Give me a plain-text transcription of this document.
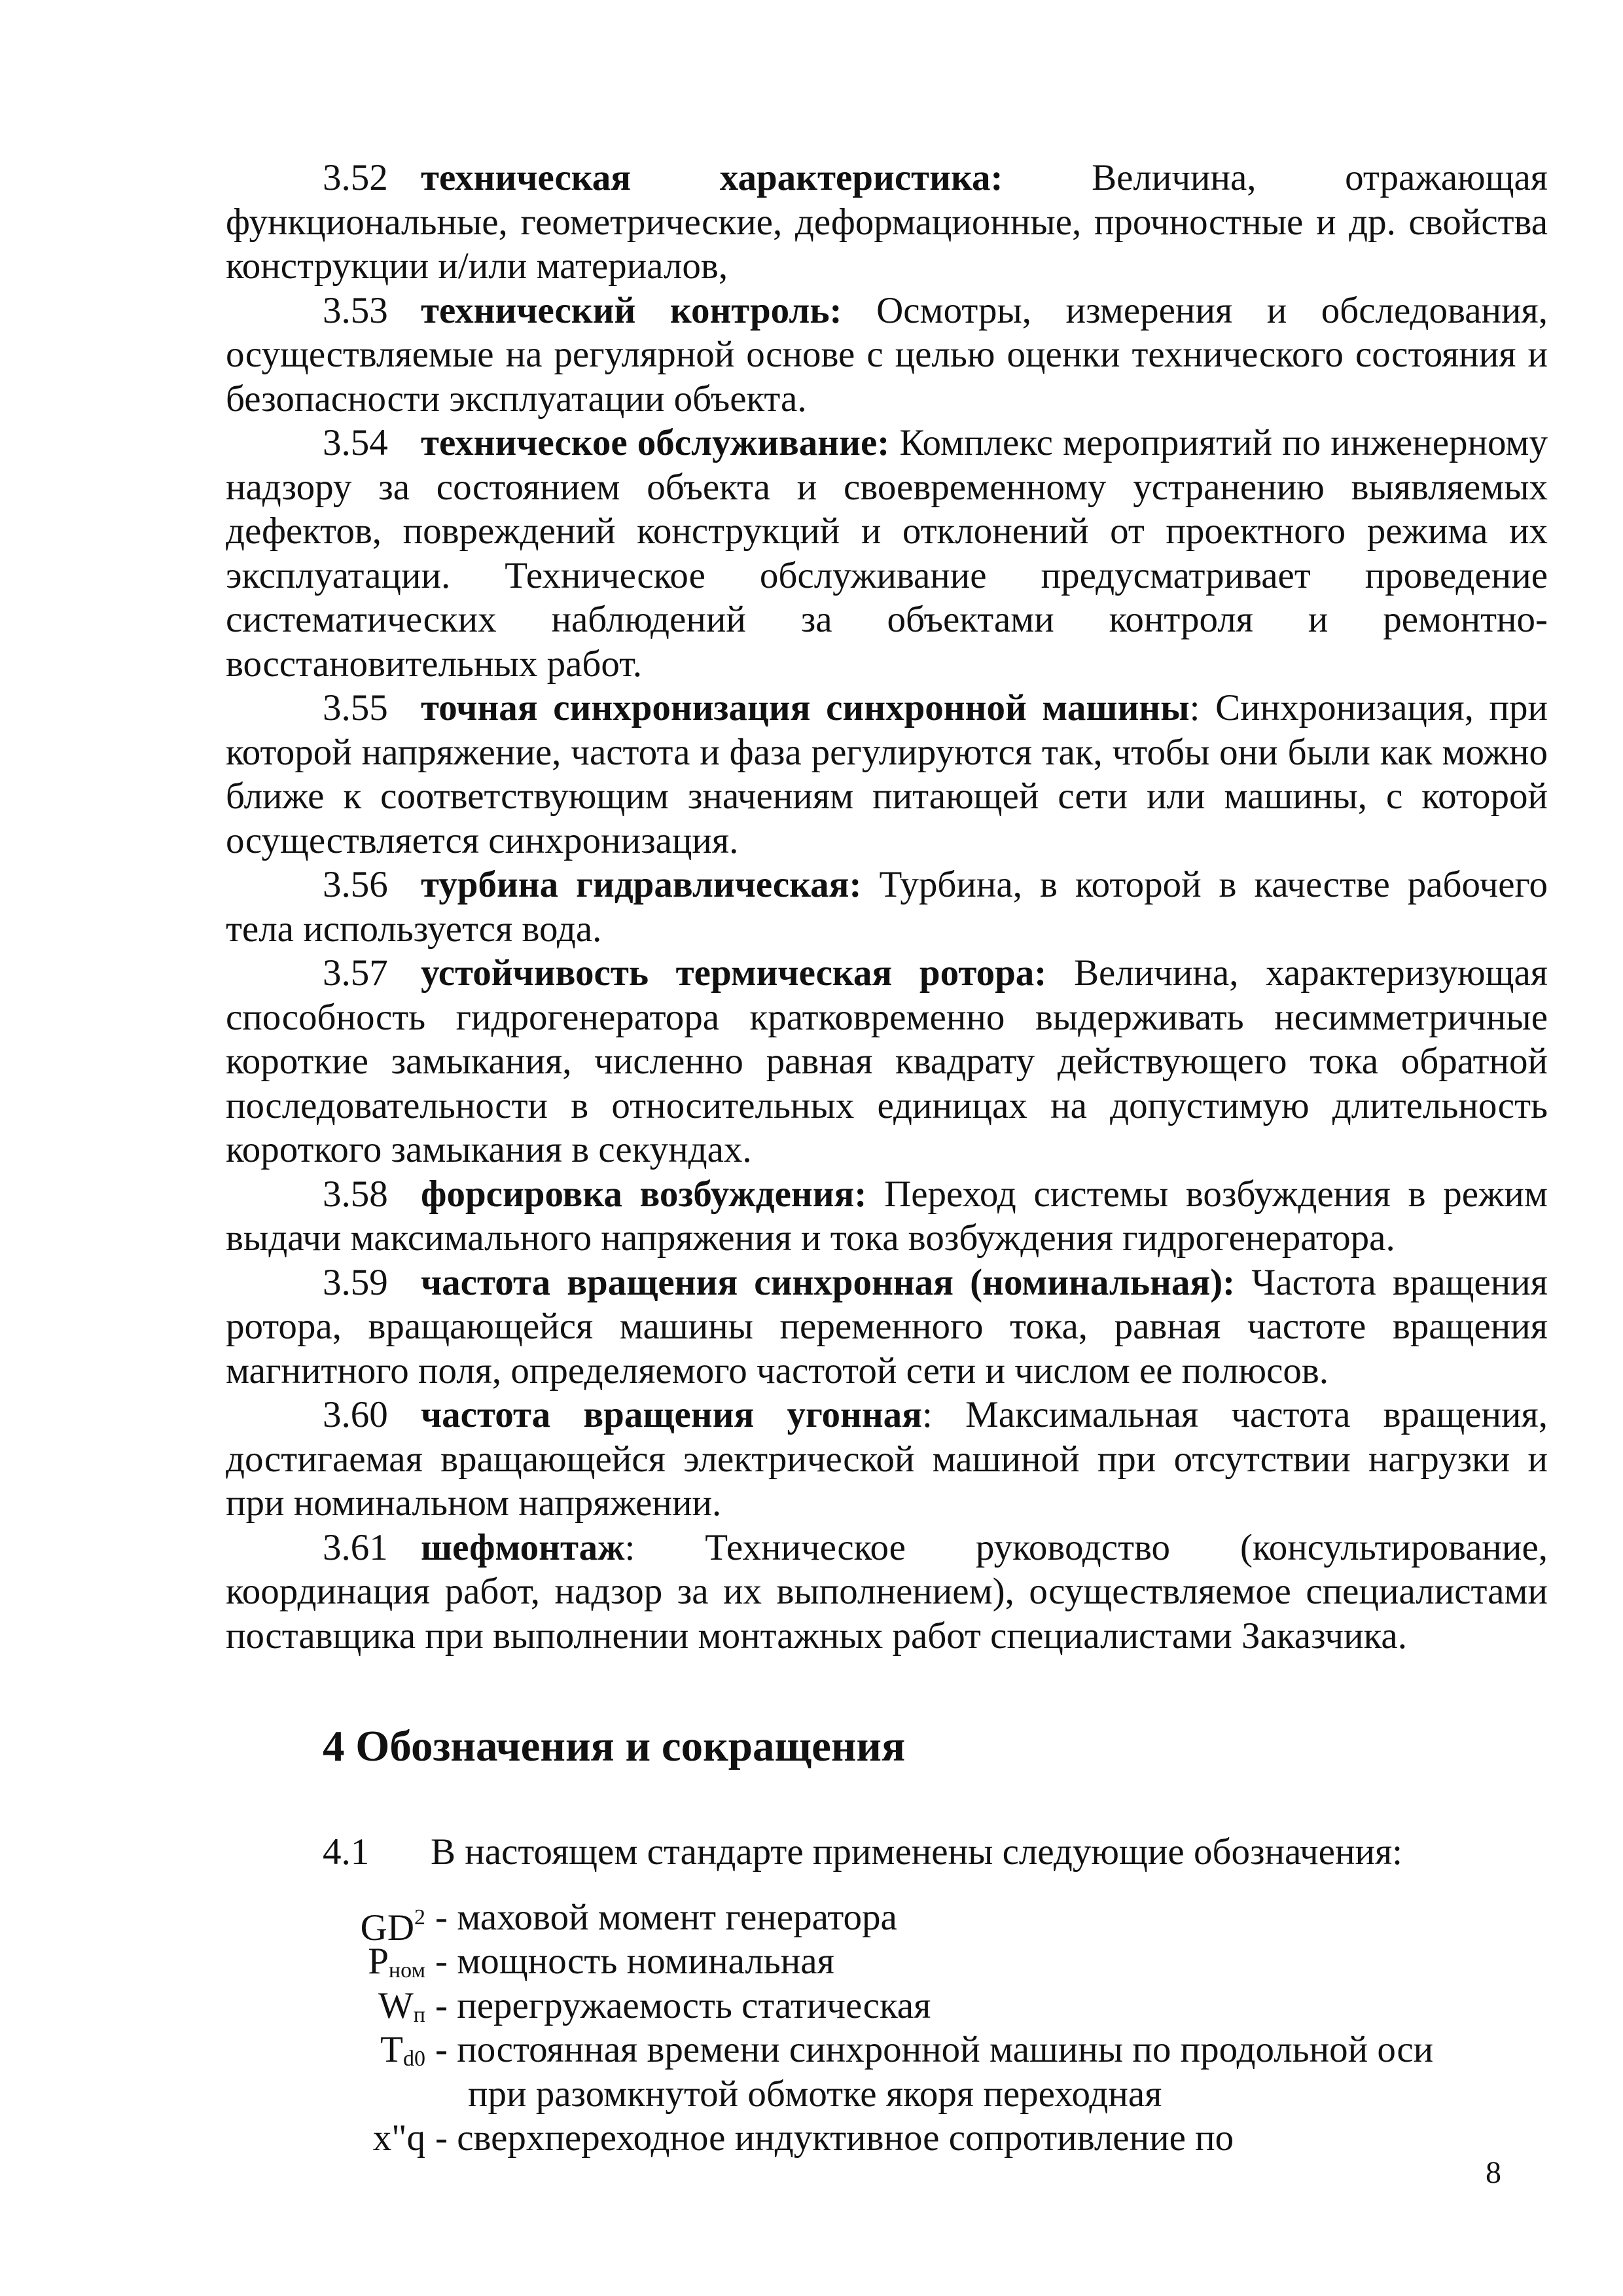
3.52 техническая характеристика: Величина, отражающая функциональные, геометрические, деформационные, прочностные и др. свойства конструкции и/или материалов,

3.53 технический контроль: Осмотры, измерения и обследования, осуществляемые на регулярной основе с целью оценки технического состояния и безопасности эксплуатации объекта.

3.54 техническое обслуживание: Комплекс мероприятий по инженерному надзору за состоянием объекта и своевременному устранению выявляемых дефектов, повреждений конструкций и отклонений от проектного режима их эксплуатации. Техническое обслуживание предусматривает проведение систематических наблюдений за объектами контроля и ремонтно-восстановительных работ.

3.55 точная синхронизация синхронной машины: Синхронизация, при которой напряжение, частота и фаза регулируются так, чтобы они были как можно ближе к соответствующим значениям питающей сети или машины, с которой осуществляется синхронизация.

3.56 турбина гидравлическая: Турбина, в которой в качестве рабочего тела используется вода.

3.57 устойчивость термическая ротора: Величина, характеризующая способность гидрогенератора кратковременно выдерживать несимметричные короткие замыкания, численно равная квадрату действующего тока обратной последовательности в относительных единицах на допустимую длительность короткого замыкания в секундах.

3.58 форсировка возбуждения: Переход системы возбуждения в режим выдачи максимального напряжения и тока возбуждения гидрогенератора.

3.59 частота вращения синхронная (номинальная): Частота вращения ротора, вращающейся машины переменного тока, равная частоте вращения магнитного поля, определяемого частотой сети и числом ее полюсов.

3.60 частота вращения угонная: Максимальная частота вращения, достигаемая вращающейся электрической машиной при отсутствии нагрузки и при номинальном напряжении.

3.61 шефмонтаж: Техническое руководство (консультирование, координация работ, надзор за их выполнением), осуществляемое специалистами поставщика при выполнении монтажных работ специалистами Заказчика.

4 Обозначения и сокращения
4.1 В настоящем стандарте применены следующие обозначения:
$GD^2$ - маховой момент генератора
$P_{ном}$ - мощность номинальная
$W_п$ - перегружаемость статическая
$T_{d0}$ - постоянная времени синхронной машины по продольной оси
при разомкнутой обмотке якоря переходная
x"q - сверхпереходное индуктивное сопротивление по
8
